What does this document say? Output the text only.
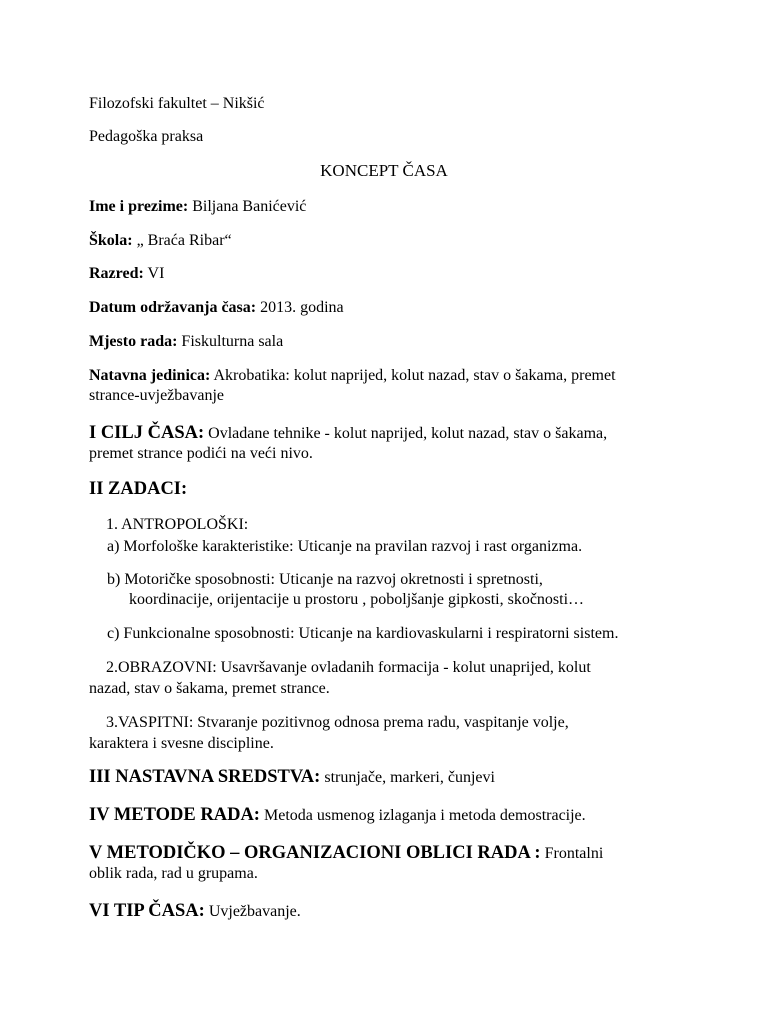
Filozofski fakultet – Nikšić
Pedagoška praksa
KONCEPT ČASA
Ime i prezime: Biljana Banićević
Škola: „ Braća Ribar“
Razred: VI
Datum održavanja časa: 2013. godina
Mjesto rada: Fiskulturna sala
Natavna jedinica: Akrobatika: kolut naprijed, kolut nazad, stav o šakama, premet
strance-uvježbavanje
I CILJ ČASA: Ovladane tehnike - kolut naprijed, kolut nazad, stav o šakama,
premet strance podići na veći nivo.
II ZADACI:
1. ANTROPOLOŠKI:
a) Morfološke karakteristike: Uticanje na pravilan razvoj i rast organizma.
b) Motoričke sposobnosti: Uticanje na razvoj okretnosti i spretnosti,
koordinacije, orijentacije u prostoru , poboljšanje gipkosti, skočnosti…
c) Funkcionalne sposobnosti: Uticanje na kardiovaskularni i respiratorni sistem.
2.OBRAZOVNI: Usavršavanje ovladanih formacija - kolut unaprijed, kolut
nazad, stav o šakama, premet strance.
3.VASPITNI: Stvaranje pozitivnog odnosa prema radu, vaspitanje volje,
karaktera i svesne discipline.
III NASTAVNA SREDSTVA: strunjače, markeri, čunjevi
IV METODE RADA: Metoda usmenog izlaganja i metoda demostracije.
V METODIČKO – ORGANIZACIONI OBLICI RADA : Frontalni
oblik rada, rad u grupama.
VI TIP ČASA: Uvježbavanje.
